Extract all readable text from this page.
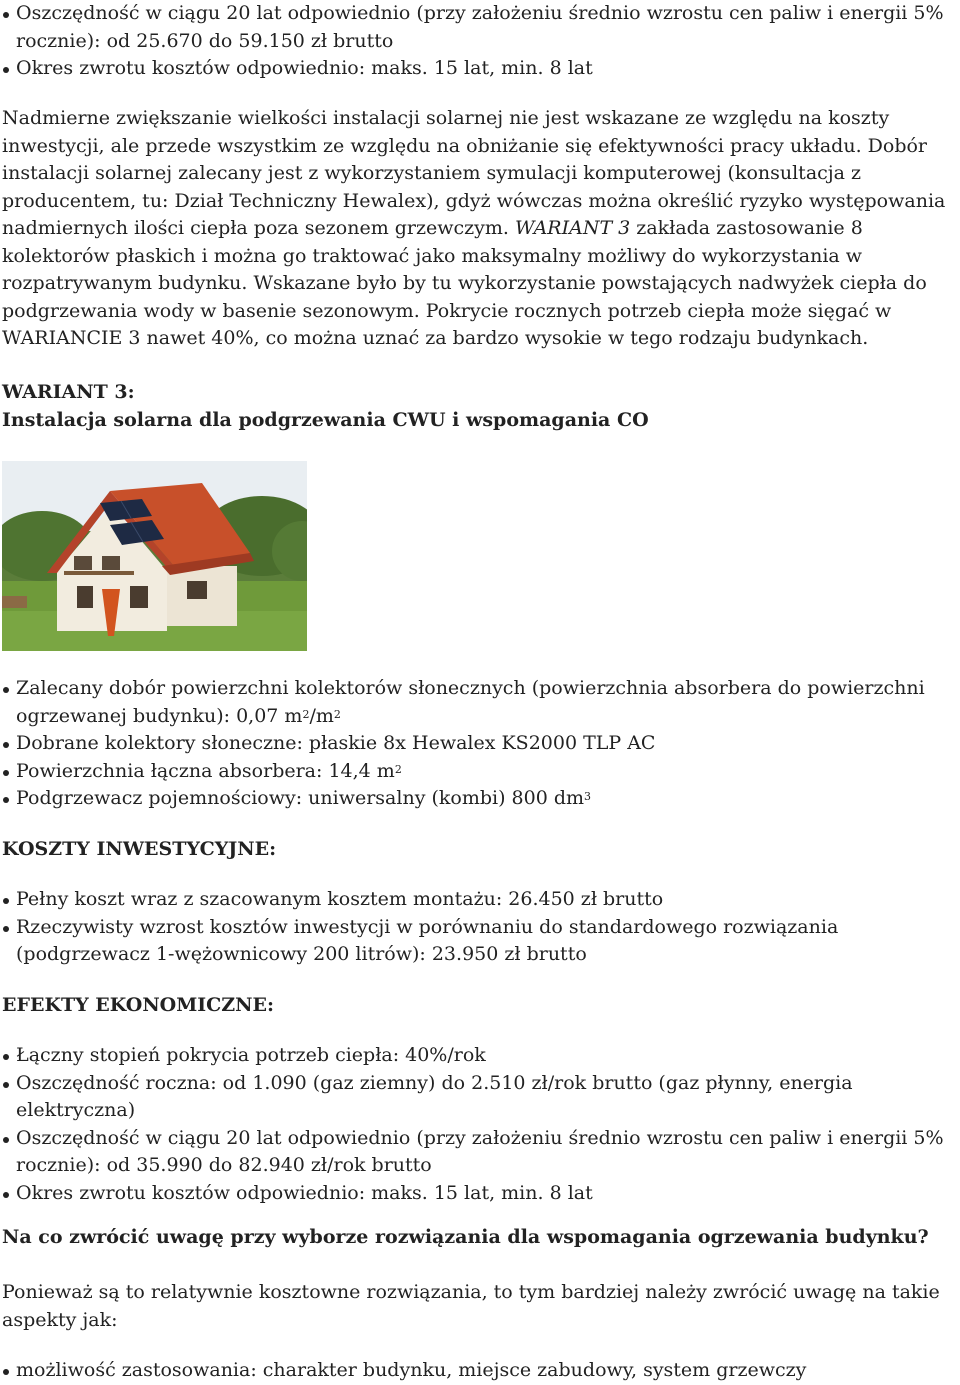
Oszczędność w ciągu 20 lat odpowiednio (przy założeniu średnio wzrostu cen paliw i energii 5% rocznie): od 25.670 do 59.150 zł brutto
Okres zwrotu kosztów odpowiednio: maks. 15 lat, min. 8 lat

Nadmierne zwiększanie wielkości instalacji solarnej nie jest wskazane ze względu na koszty inwestycji, ale przede wszystkim ze względu na obniżanie się efektywności pracy układu. Dobór instalacji solarnej zalecany jest z wykorzystaniem symulacji komputerowej (konsultacja z producentem, tu: Dział Techniczny Hewalex), gdyż wówczas można określić ryzyko występowania nadmiernych ilości ciepła poza sezonem grzewczym. WARIANT 3 zakłada zastosowanie 8 kolektorów płaskich i można go traktować jako maksymalny możliwy do wykorzystania w rozpatrywanym budynku. Wskazane było by tu wykorzystanie powstających nadwyżek ciepła do podgrzewania wody w basenie sezonowym. Pokrycie rocznych potrzeb ciepła może sięgać w WARIANCIE 3 nawet 40%, co można uznać za bardzo wysokie w tego rodzaju budynkach.

WARIANT 3:
Instalacja solarna dla podgrzewania CWU i wspomagania CO
Zalecany dobór powierzchni kolektorów słonecznych (powierzchnia absorbera do powierzchni ogrzewanej budynku): 0,07 $m^2/m^2$
Dobrane kolektory słoneczne: płaskie 8x Hewalex KS2000 TLP AC
Powierzchnia łączna absorbera: 14,4 $m^2$
Podgrzewacz pojemnościowy: uniwersalny (kombi) 800 $dm^3$
KOSZTY INWESTYCYJNE:
Pełny koszt wraz z szacowanym kosztem montażu: 26.450 zł brutto
Rzeczywisty wzrost kosztów inwestycji w porównaniu do standardowego rozwiązania (podgrzewacz 1-wężownicowy 200 litrów): 23.950 zł brutto
EFEKTY EKONOMICZNE:
Łączny stopień pokrycia potrzeb ciepła: 40%/rok
Oszczędność roczna: od 1.090 (gaz ziemny) do 2.510 zł/rok brutto (gaz płynny, energia elektryczna)
Oszczędność w ciągu 20 lat odpowiednio (przy założeniu średnio wzrostu cen paliw i energii 5% rocznie): od 35.990 do 82.940 zł/rok brutto
Okres zwrotu kosztów odpowiednio: maks. 15 lat, min. 8 lat
Na co zwrócić uwagę przy wyborze rozwiązania dla wspomagania ogrzewania budynku?

Ponieważ są to relatywnie kosztowne rozwiązania, to tym bardziej należy zwrócić uwagę na takie aspekty jak:

możliwość zastosowania: charakter budynku, miejsce zabudowy, system grzewczy
